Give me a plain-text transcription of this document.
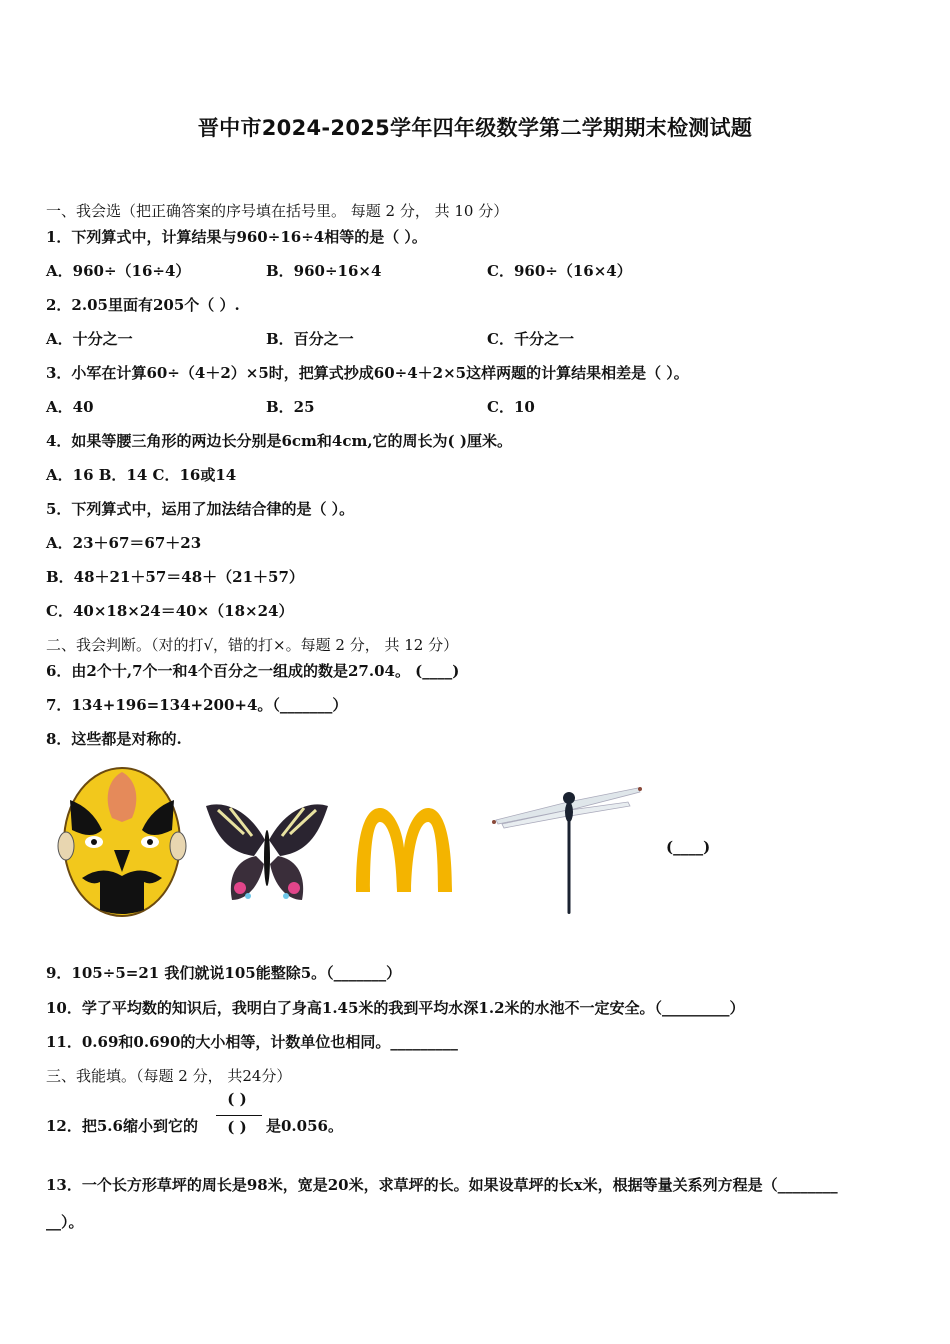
晋中市2024-2025学年四年级数学第二学期期末检测试题
一、我会选（把正确答案的序号填在括号里。 每题 2 分， 共 10 分）
1．下列算式中，计算结果与960÷16÷4相等的是（ ）。
A．960÷（16÷4）	B．960÷16×4	C．960÷（16×4）
2．2.05里面有205个（ ）.
A．十分之一	B．百分之一	C．千分之一
3．小军在计算60÷（4＋2）×5时，把算式抄成60÷4＋2×5这样两题的计算结果相差是（ ）。
A．40	B．25	C．10
4．如果等腰三角形的两边长分别是6cm和4cm,它的周长为( )厘米。
A．16 B．14 C．16或14
5．下列算式中，运用了加法结合律的是（ ）。
A．23＋67＝67＋23
B．48＋21＋57＝48＋（21＋57）
C．40×18×24＝40×（18×24）
二、我会判断。（对的打√，错的打×。每题 2 分， 共 12 分）
6．由2个十,7个一和4个百分之一组成的数是27.04。 (____)
7．134+196=134+200+4。（_______）
8．这些都是对称的.
(____)
9．105÷5=21 我们就说105能整除5。（_______）
10．学了平均数的知识后，我明白了身高1.45米的我到平均水深1.2米的水池不一定安全。（_________）
11．0.69和0.690的大小相等，计数单位也相同。_________
三、我能填。（每题 2 分， 共24分）
12．把5.6缩小到它的
( )
( )	是0.056。
13．一个长方形草坪的周长是98米，宽是20米，求草坪的长。如果设草坪的长x米，根据等量关系列方程是（________
__）。
